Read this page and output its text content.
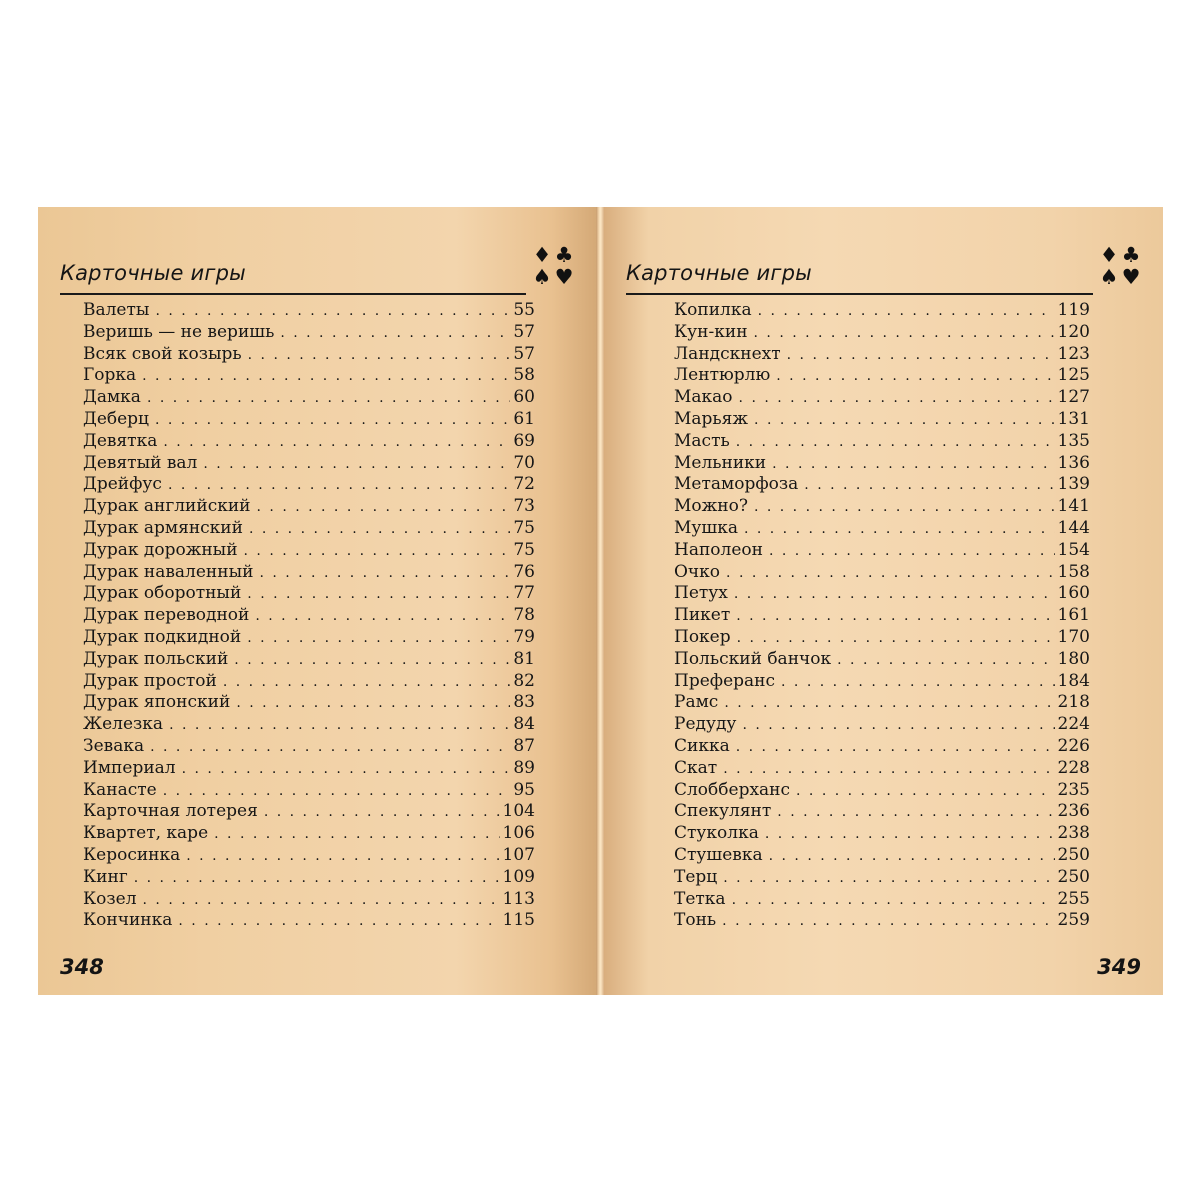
Карточные игры
♦ ♣
♠ ♥
Валеты . . .	55
Веришь — не веришь . . .	57
Всяк свой козырь . . .	57
Горка . . .	58
Дамка . . .	60
Деберц . . .	61
Девятка . . .	69
Девятый вал . . .	70
Дрейфус . . .	72
Дурак английский . . .	73
Дурак армянский . . .	75
Дурак дорожный . . .	75
Дурак наваленный . . .	76
Дурак оборотный . . .	77
Дурак переводной . . .	78
Дурак подкидной . . .	79
Дурак польский . . .	81
Дурак простой . . .	82
Дурак японский . . .	83
Железка . . .	84
Зевака . . .	87
Империал . . .	89
Канасте . . .	95
Карточная лотерея . . .	104
Квартет, каре . . .	106
Керосинка . . .	107
Кинг . . .	109
Козел . . .	113
Кончинка . . .	115
348
Карточные игры
♦ ♣
♠ ♥
Копилка . . .	119
Кун-кин . . .	120
Ландскнехт . . .	123
Лентюрлю . . .	125
Макао . . .	127
Марьяж . . .	131
Масть . . .	135
Мельники . . .	136
Метаморфоза . . .	139
Можно? . . .	141
Мушка . . .	144
Наполеон . . .	154
Очко . . .	158
Петух . . .	160
Пикет . . .	161
Покер . . .	170
Польский банчок . . .	180
Преферанс . . .	184
Рамс . . .	218
Редуду . . .	224
Сикка . . .	226
Скат . . .	228
Слобберханс . . .	235
Спекулянт . . .	236
Стуколка . . .	238
Стушевка . . .	250
Терц . . .	250
Тетка . . .	255
Тонь . . .	259
349
